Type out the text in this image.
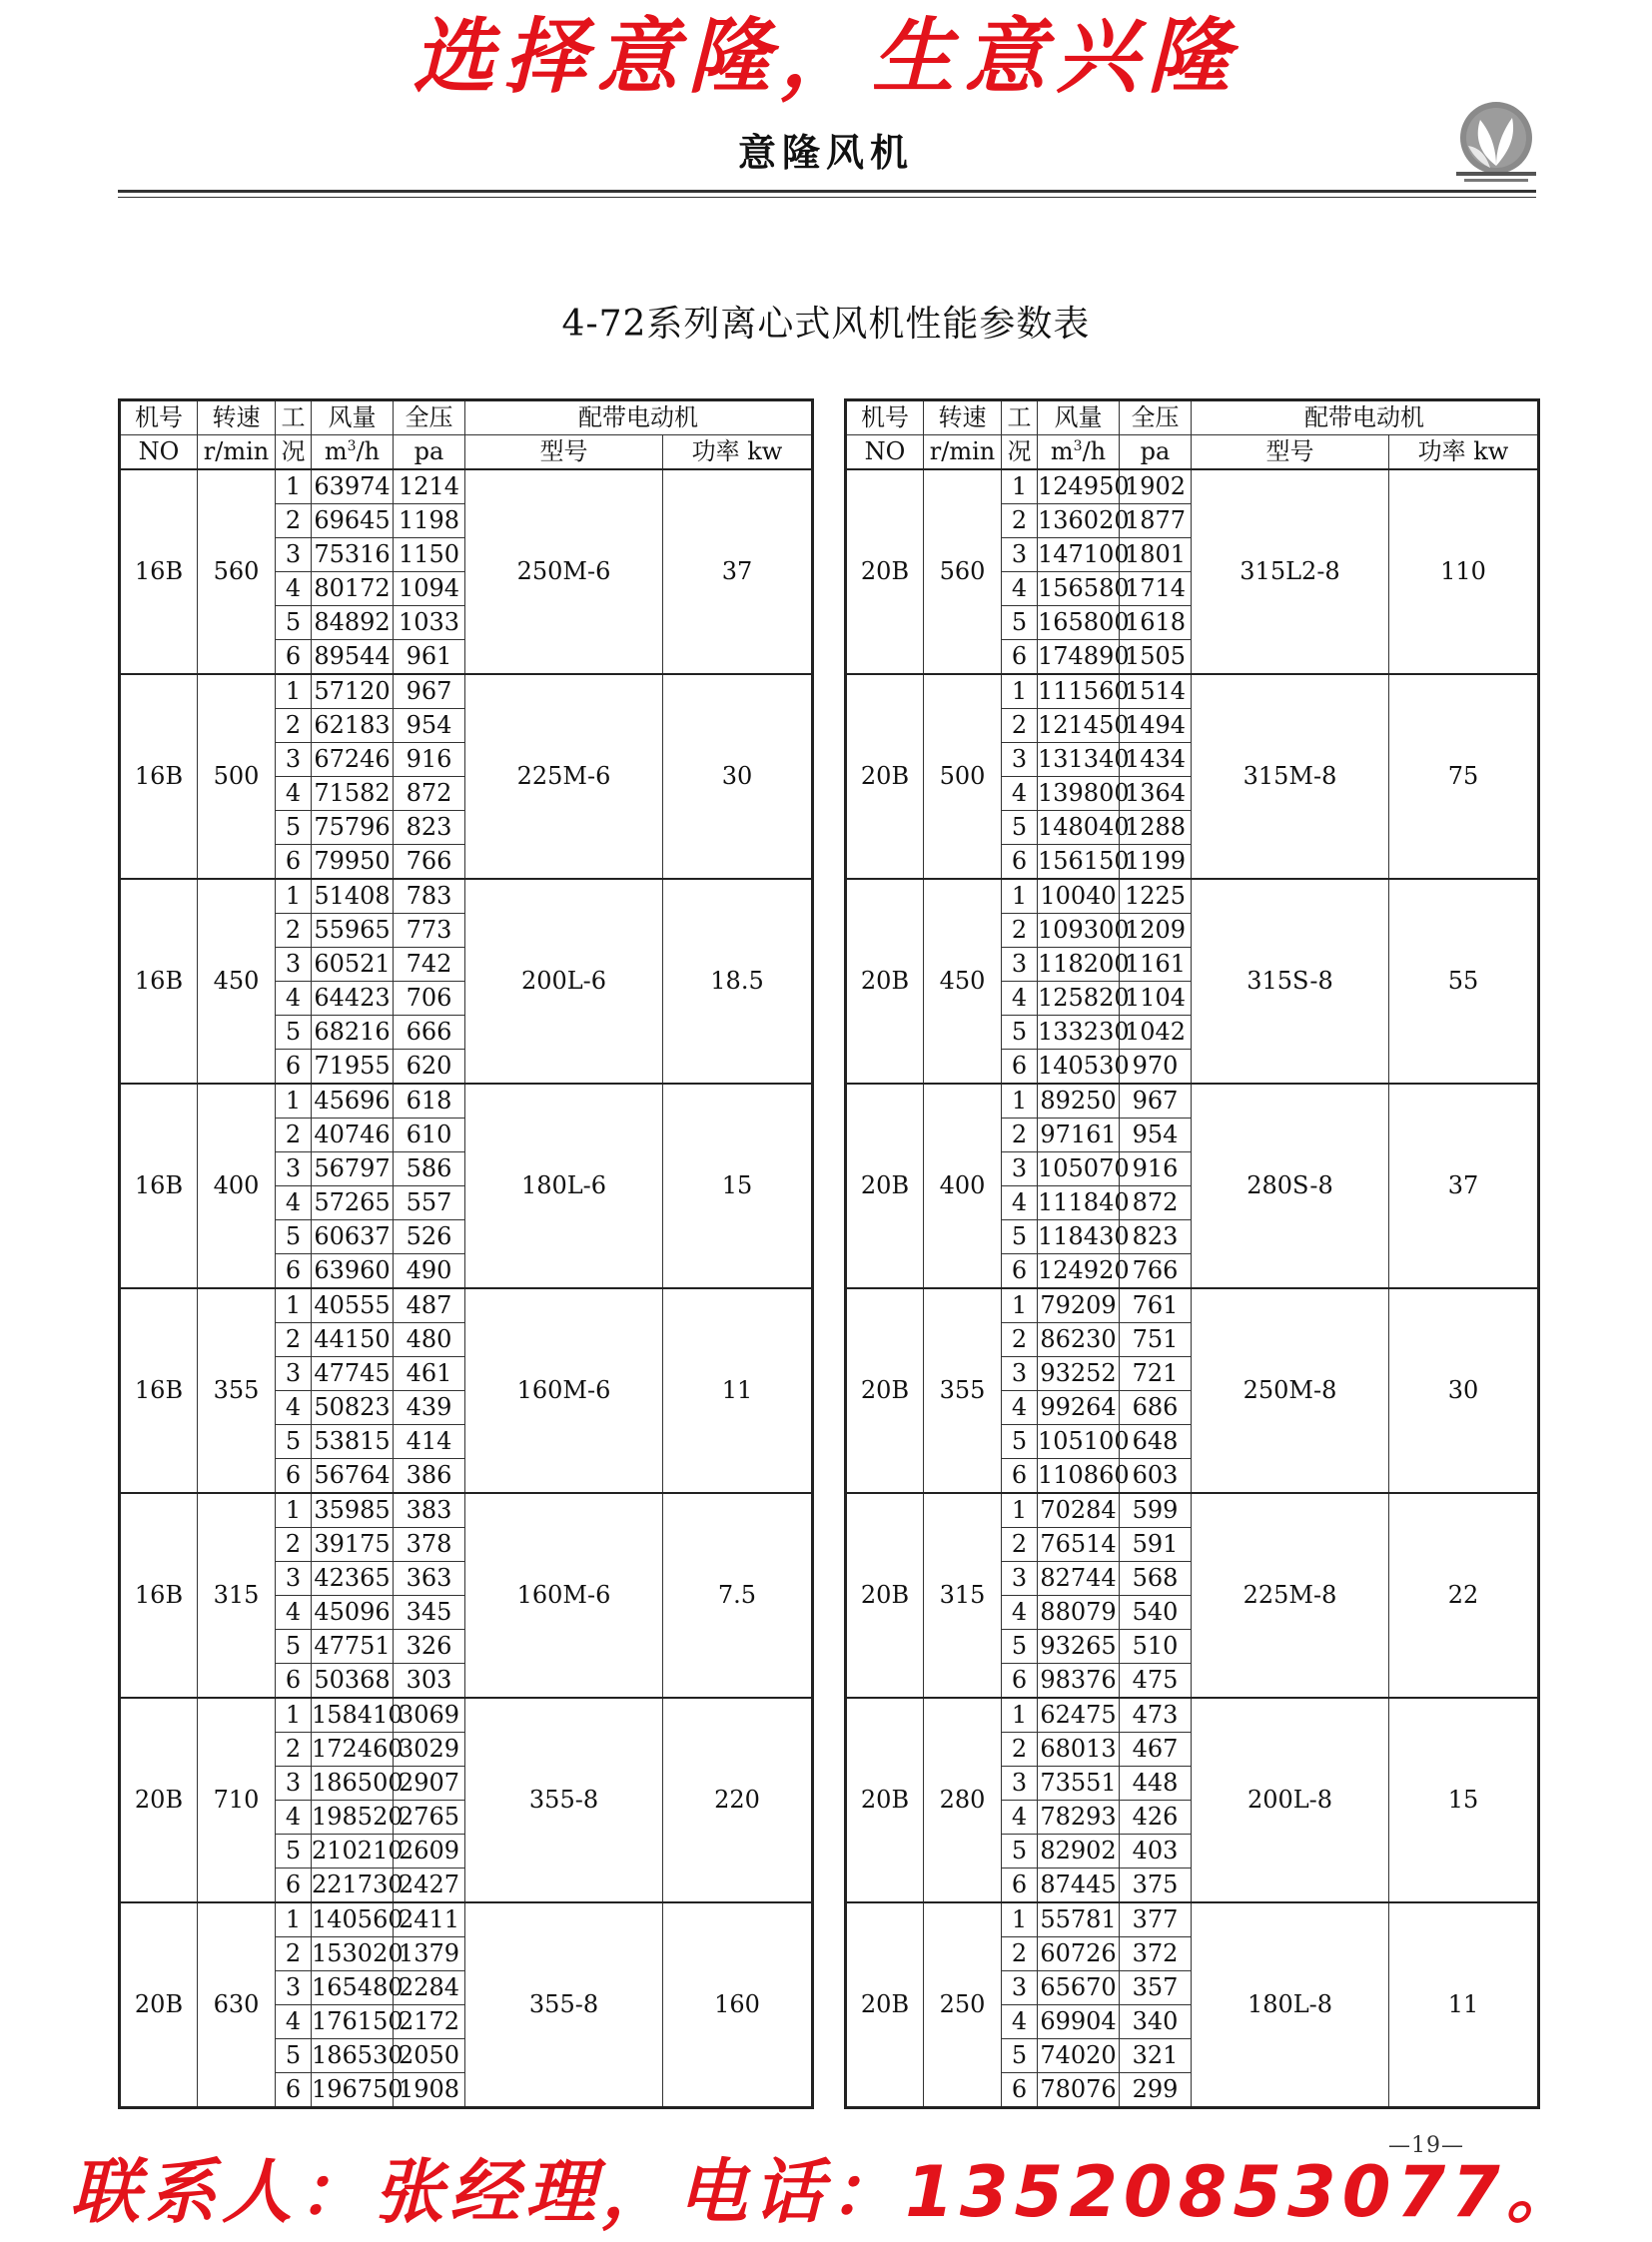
选择意隆，生意兴隆
意隆风机
4-72系列离心式风机性能参数表
机号	转速	工	风量	全压	配带电动机	
NO	r/min	况	$m^3/h$	pa	型号	功率 kw
16B	560	1	63974	1214	250M-6	37
		2	69645	1198		
		3	75316	1150		
		4	80172	1094		
		5	84892	1033		
		6	89544	961		
16B	500	1	57120	967	225M-6	30
		2	62183	954		
		3	67246	916		
		4	71582	872		
		5	75796	823		
		6	79950	766		
16B	450	1	51408	783	200L-6	18.5
		2	55965	773		
		3	60521	742		
		4	64423	706		
		5	68216	666		
		6	71955	620		
16B	400	1	45696	618	180L-6	15
		2	40746	610		
		3	56797	586		
		4	57265	557		
		5	60637	526		
		6	63960	490		
16B	355	1	40555	487	160M-6	11
		2	44150	480		
		3	47745	461		
		4	50823	439		
		5	53815	414		
		6	56764	386		
16B	315	1	35985	383	160M-6	7.5
		2	39175	378		
		3	42365	363		
		4	45096	345		
		5	47751	326		
		6	50368	303		
20B	710	1	158410	3069	355-8	220
		2	172460	3029		
		3	186500	2907		
		4	198520	2765		
		5	210210	2609		
		6	221730	2427		
20B	630	1	140560	2411	355-8	160
		2	153020	1379		
		3	165480	2284		
		4	176150	2172		
		5	186530	2050		
		6	196750	1908		
机号	转速	工	风量	全压	配带电动机	
NO	r/min	况	$m^3/h$	pa	型号	功率 kw
20B	560	1	124950	1902	315L2-8	110
		2	136020	1877		
		3	147100	1801		
		4	156580	1714		
		5	165800	1618		
		6	174890	1505		
20B	500	1	111560	1514	315M-8	75
		2	121450	1494		
		3	131340	1434		
		4	139800	1364		
		5	148040	1288		
		6	156150	1199		
20B	450	1	10040	1225	315S-8	55
		2	109300	1209		
		3	118200	1161		
		4	125820	1104		
		5	133230	1042		
		6	140530	970		
20B	400	1	89250	967	280S-8	37
		2	97161	954		
		3	105070	916		
		4	111840	872		
		5	118430	823		
		6	124920	766		
20B	355	1	79209	761	250M-8	30
		2	86230	751		
		3	93252	721		
		4	99264	686		
		5	105100	648		
		6	110860	603		
20B	315	1	70284	599	225M-8	22
		2	76514	591		
		3	82744	568		
		4	88079	540		
		5	93265	510		
		6	98376	475		
20B	280	1	62475	473	200L-8	15
		2	68013	467		
		3	73551	448		
		4	78293	426		
		5	82902	403		
		6	87445	375		
20B	250	1	55781	377	180L-8	11
		2	60726	372		
		3	65670	357		
		4	69904	340		
		5	74020	321		
		6	78076	299		
—19—
联系人：张经理，电话：13520853077。
